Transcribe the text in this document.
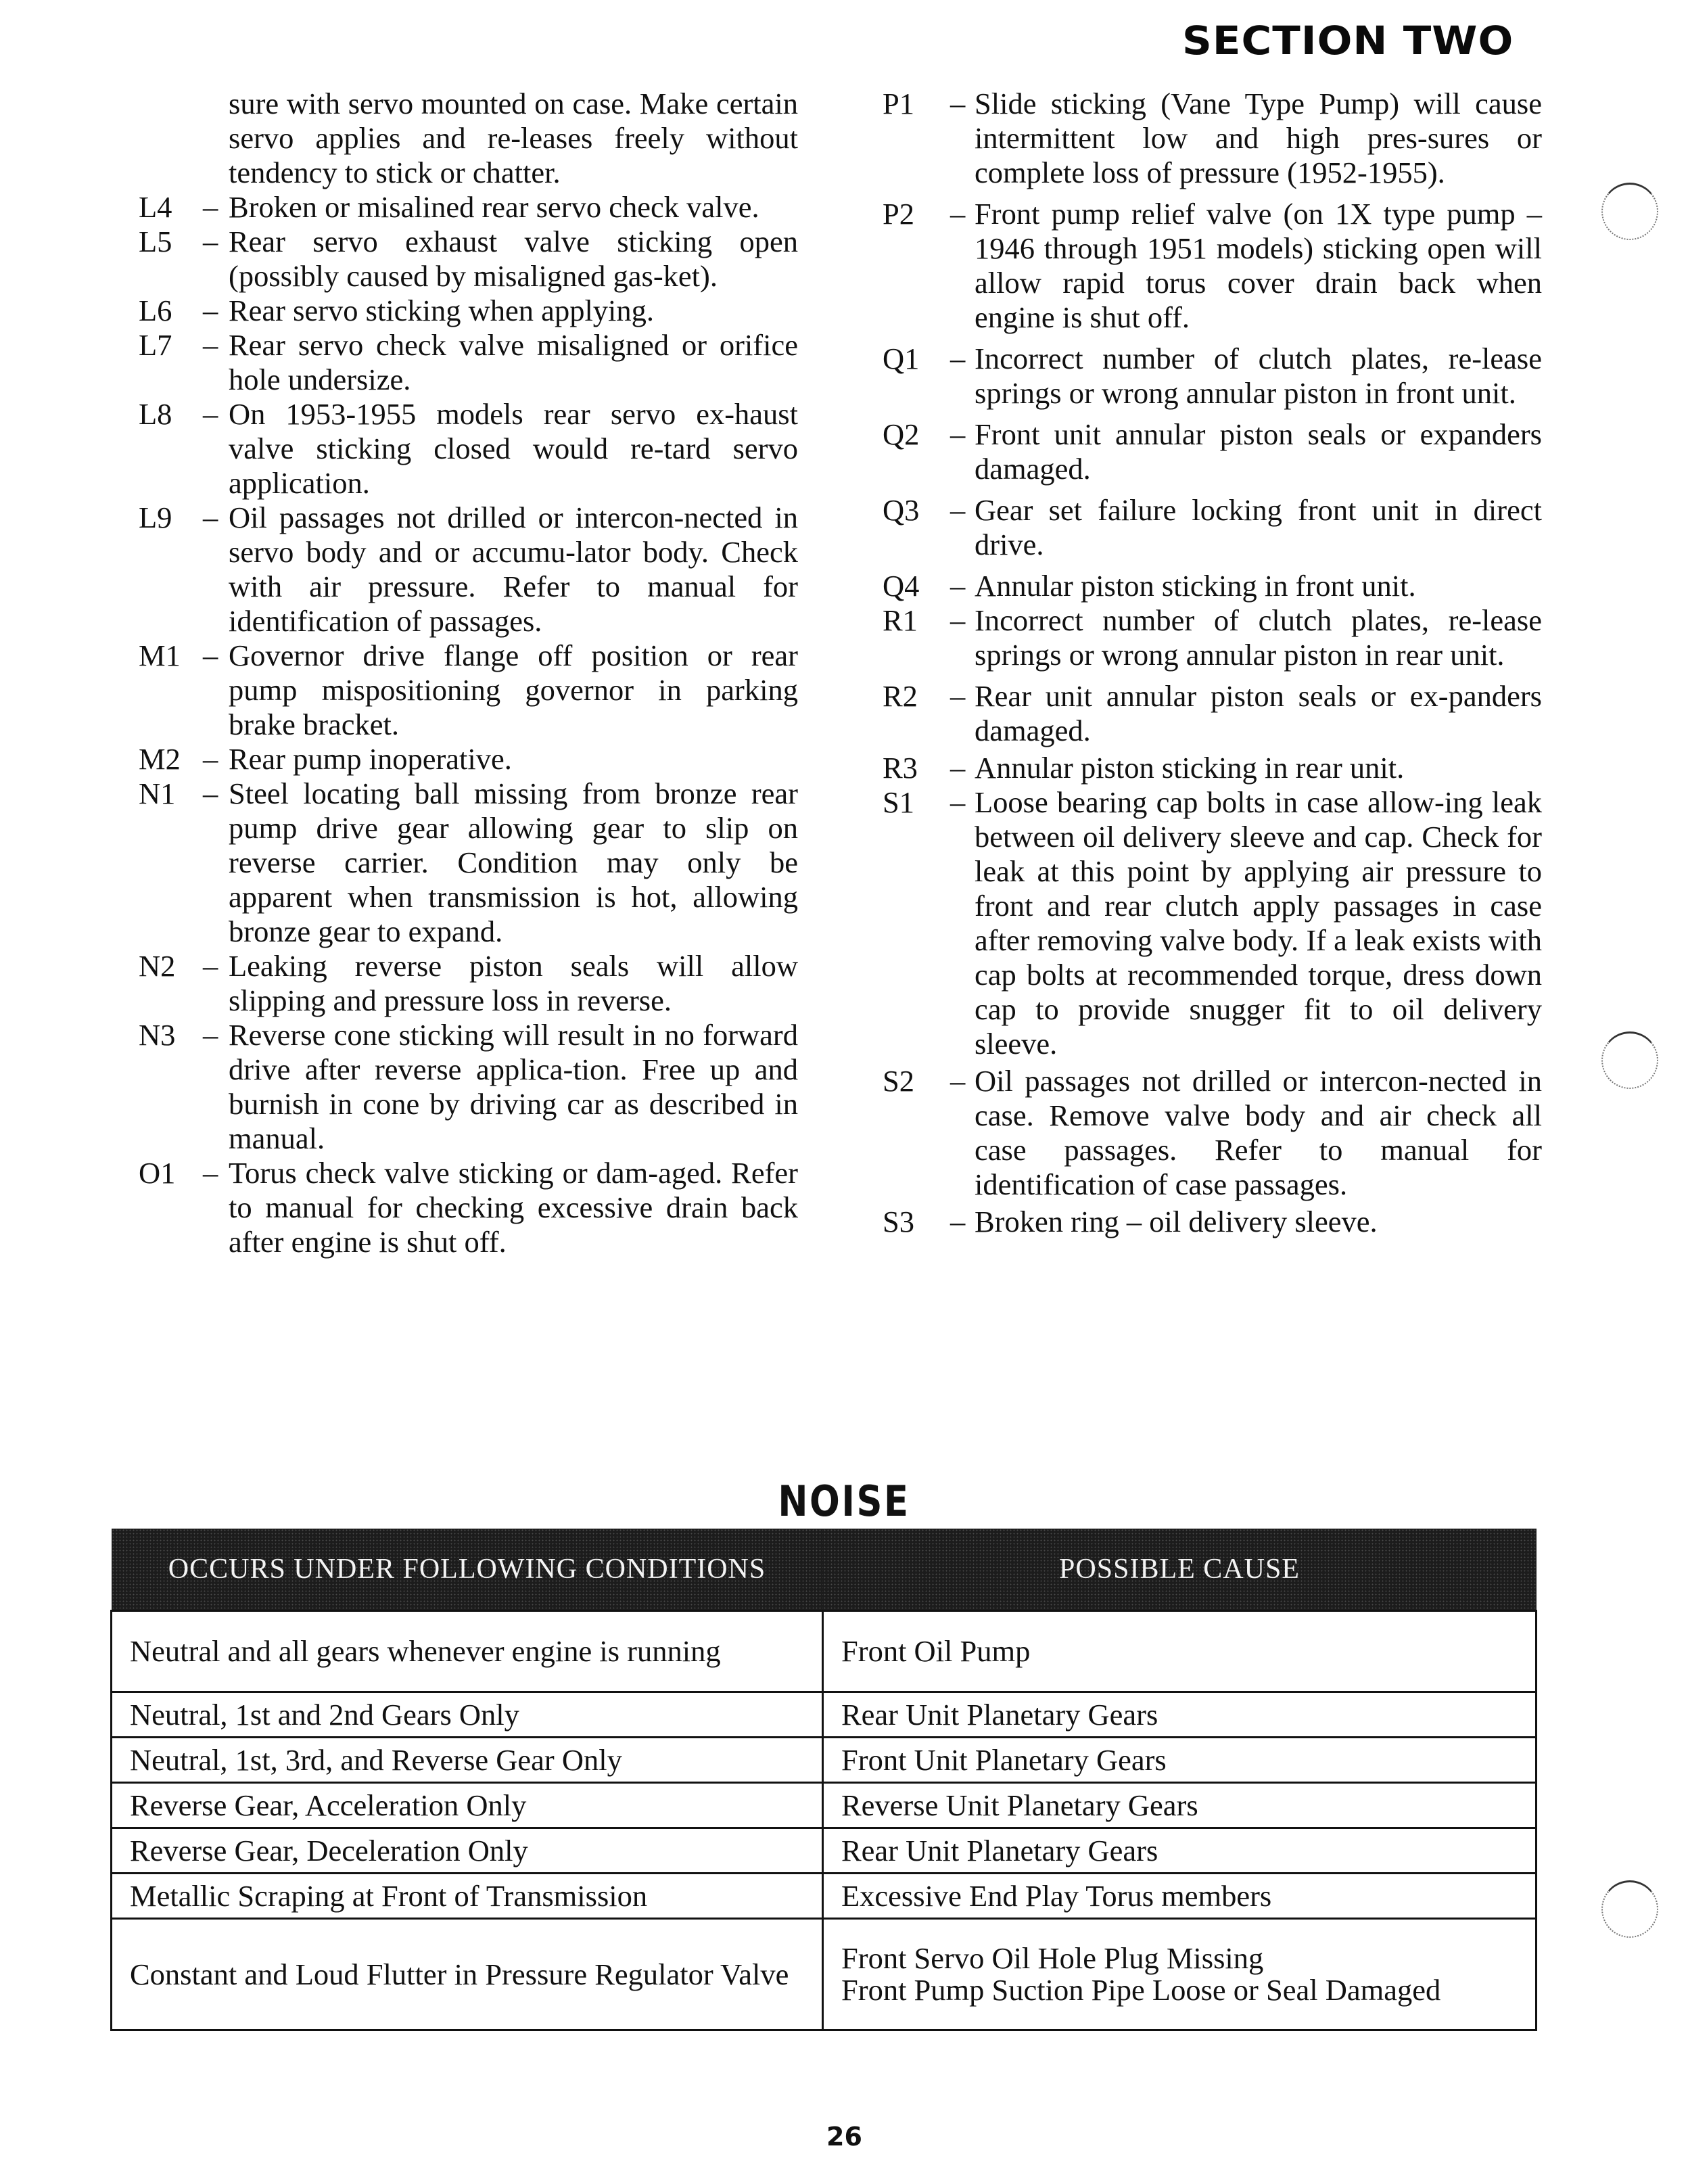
SECTION TWO
sure with servo mounted on case. Make certain servo applies and re-leases freely without tendency to stick or chatter.
L4	– Broken or misalined rear servo check valve.
L5	– Rear servo exhaust valve sticking open (possibly caused by misaligned gas-ket).
L6	– Rear servo sticking when applying.
L7	– Rear servo check valve misaligned or orifice hole undersize.
L8	– On 1953-1955 models rear servo ex-haust valve sticking closed would re-tard servo application.
L9	– Oil passages not drilled or intercon-nected in servo body and or accumu-lator body. Check with air pressure. Refer to manual for identification of passages.
M1 – Governor drive flange off position or rear pump mispositioning governor in parking brake bracket.
M2 – Rear pump inoperative.
N1 – Steel locating ball missing from bronze rear pump drive gear allowing gear to slip on reverse carrier. Condition may only be apparent when transmission is hot, allowing bronze gear to expand.
N2 – Leaking reverse piston seals will allow slipping and pressure loss in reverse.
N3 – Reverse cone sticking will result in no forward drive after reverse applica-tion. Free up and burnish in cone by driving car as described in manual.
O1 – Torus check valve sticking or dam-aged. Refer to manual for checking excessive drain back after engine is shut off.
P1	– Slide sticking (Vane Type Pump) will cause intermittent low and high pres-sures or complete loss of pressure (1952-1955).
P2	– Front pump relief valve (on 1X type pump – 1946 through 1951 models) sticking open will allow rapid torus cover drain back when engine is shut off.
Q1	– Incorrect number of clutch plates, re-lease springs or wrong annular piston in front unit.
Q2	– Front unit annular piston seals or expanders damaged.
Q3	– Gear set failure locking front unit in direct drive.
Q4	– Annular piston sticking in front unit.
R1	– Incorrect number of clutch plates, re-lease springs or wrong annular piston in rear unit.
R2	– Rear unit annular piston seals or ex-panders damaged.
R3	– Annular piston sticking in rear unit.
S1	– Loose bearing cap bolts in case allow-ing leak between oil delivery sleeve and cap. Check for leak at this point by applying air pressure to front and rear clutch apply passages in case after removing valve body. If a leak exists with cap bolts at recommended torque, dress down cap to provide snugger fit to oil delivery sleeve.
S2	– Oil passages not drilled or intercon-nected in case. Remove valve body and air check all case passages. Refer to manual for identification of case passages.
S3	– Broken ring – oil delivery sleeve.
NOISE
OCCURS UNDER FOLLOWING CONDITIONS	POSSIBLE CAUSE

Neutral and all gears whenever engine is running	Front Oil Pump
Neutral, 1st and 2nd Gears Only	Rear Unit Planetary Gears
Neutral, 1st, 3rd, and Reverse Gear Only	Front Unit Planetary Gears
Reverse Gear, Acceleration Only	Reverse Unit Planetary Gears
Reverse Gear, Deceleration Only	Rear Unit Planetary Gears
Metallic Scraping at Front of Transmission	Excessive End Play Torus members

Constant and Loud Flutter in Pressure Regulator Valve	Front Servo Oil Hole Plug Missing
Front Pump Suction Pipe Loose or Seal Damaged
26
